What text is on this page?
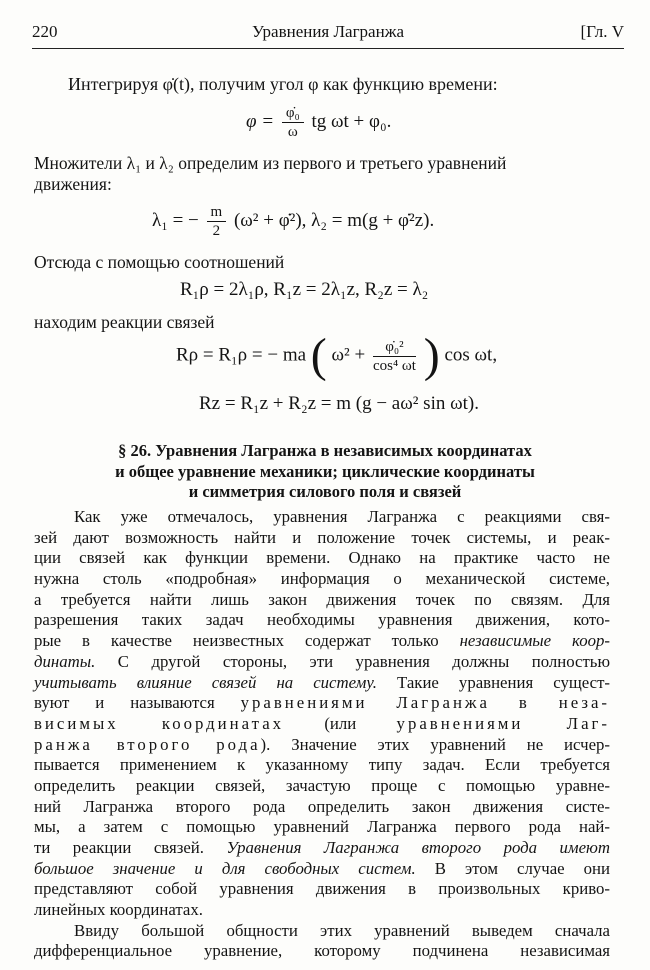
220	Уравнения Лагранжа	[Гл. V
Интегрируя φ̇(t), получим угол φ как функцию времени:
$\varphi = \frac{\text{φ̇₀}}{\omega}$ tg ωt + φ₀.
Множители λ₁ и λ₂ определим из первого и третьего уравнений
движения:
λ₁ = − $\frac{m}{2} (\omega^2$ + φ̇²), λ₂ = m(g + φ̇²z).
Отсюда с помощью соотношений
R₁ρ = 2λ₁ρ, R₁z = 2λ₁z, R₂z = λ₂
находим реакции связей
Rρ = R₁ρ = − ma ( $\omega^2 + \frac{\text{φ̇₀²}}{\text{cos⁴ ωt}}$ ) cos ωt,
Rz = R₁z + R₂z = m (g − aω² sin ωt).
§ 26. Уравнения Лагранжа в независимых координатах
и общее уравнение механики; циклические координаты
и симметрия силового поля и связей
Как уже отмечалось, уравнения Лагранжа с реакциями свя-
зей дают возможность найти и положение точек системы, и реак-
ции связей как функции времени. Однако на практике часто не
нужна столь «подробная» информация о механической системе,
а требуется найти лишь закон движения точек по связям. Для
разрешения таких задач необходимы уравнения движения, кото-
рые в качестве неизвестных содержат только независимые коор-
динаты. С другой стороны, эти уравнения должны полностью
учитывать влияние связей на систему. Такие уравнения сущест-
вуют и называются уравнениями Лагранжа в неза-
висимых координатах (или уравнениями Лаг-
ранжа второго рода). Значение этих уравнений не исчер-
пывается применением к указанному типу задач. Если требуется
определить реакции связей, зачастую проще с помощью уравне-
ний Лагранжа второго рода определить закон движения систе-
мы, а затем с помощью уравнений Лагранжа первого рода най-
ти реакции связей. Уравнения Лагранжа второго рода имеют
большое значение и для свободных систем. В этом случае они
представляют собой уравнения движения в произвольных криво-
линейных координатах.
Ввиду большой общности этих уравнений выведем сначала
дифференциальное уравнение, которому подчинена независимая
